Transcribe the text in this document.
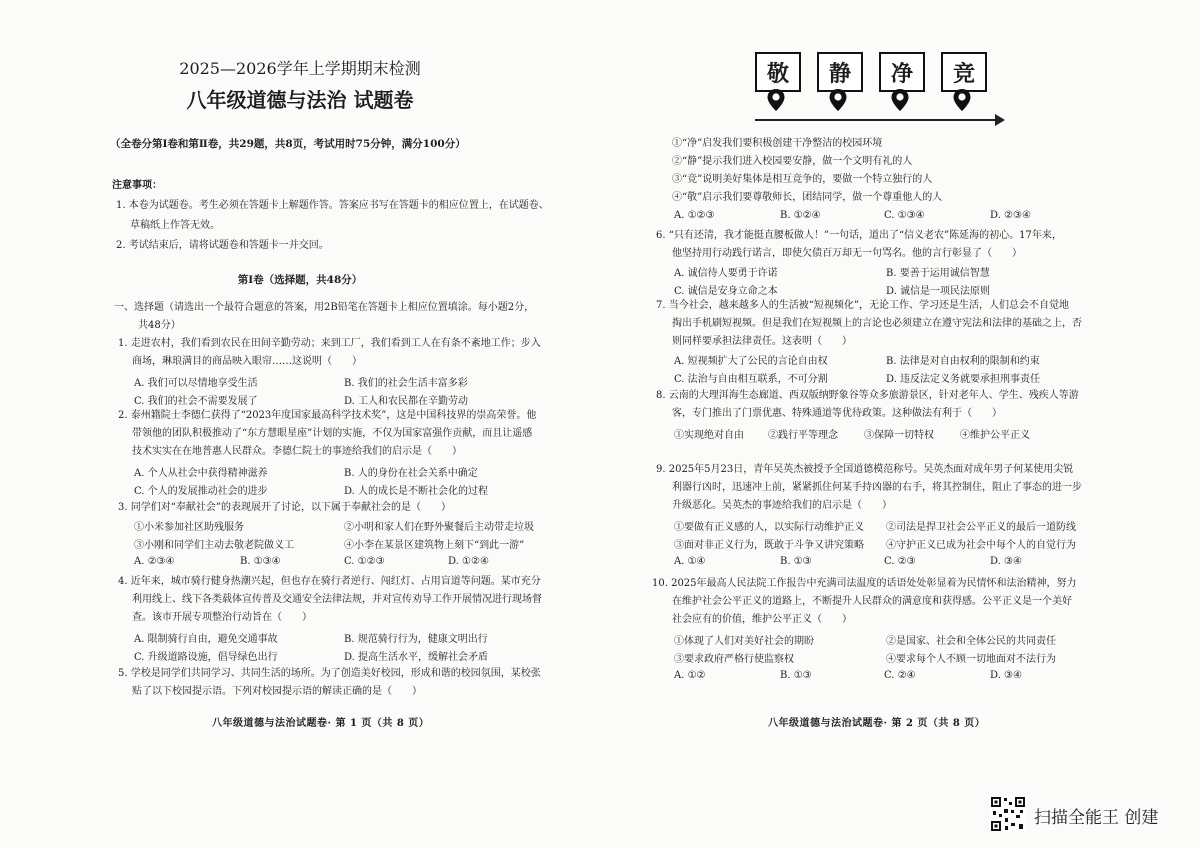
2025—2026学年上学期期末检测
八年级道德与法治 试题卷
（全卷分第Ⅰ卷和第Ⅱ卷，共29题，共8页，考试用时75分钟，满分100分）
注意事项：
1. 本卷为试题卷。考生必须在答题卡上解题作答。答案应书写在答题卡的相应位置上，在试题卷、
草稿纸上作答无效。
2. 考试结束后，请将试题卷和答题卡一并交回。
第Ⅰ卷（选择题，共48分）
一、选择题（请选出一个最符合题意的答案，用2B铅笔在答题卡上相应位置填涂。每小题2分，
共48分）
1. 走进农村，我们看到农民在田间辛勤劳动；来到工厂，我们看到工人在有条不紊地工作；步入
商场，琳琅满目的商品映入眼帘……这说明（　　）
A. 我们可以尽情地享受生活	B. 我们的社会生活丰富多彩
C. 我们的社会不需要发展了	D. 工人和农民都在辛勤劳动
2. 泰州籍院士李德仁获得了“2023年度国家最高科学技术奖”，这是中国科技界的崇高荣誉。他
带领他的团队积极推动了“东方慧眼星座”计划的实施，不仅为国家富强作贡献，而且让遥感
技术实实在在地普惠人民群众。李德仁院士的事迹给我们的启示是（　　）
A. 个人从社会中获得精神滋养	B. 人的身份在社会关系中确定
C. 个人的发展推动社会的进步	D. 人的成长是不断社会化的过程
3. 同学们对“奉献社会”的表现展开了讨论，以下属于奉献社会的是（　　）
①小米参加社区助残服务	②小明和家人们在野外聚餐后主动带走垃圾
③小刚和同学们主动去敬老院做义工	④小李在某景区建筑物上刻下“到此一游”
A. ②③④	B. ①③④	C. ①②③	D. ①②④
4. 近年来，城市骑行健身热潮兴起，但也存在骑行者逆行、闯红灯、占用盲道等问题。某市充分
利用线上、线下各类载体宣传普及交通安全法律法规，并对宣传劝导工作开展情况进行现场督
查。该市开展专项整治行动旨在（　　）
A. 限制骑行自由，避免交通事故	B. 规范骑行行为，健康文明出行
C. 升级道路设施，倡导绿色出行	D. 提高生活水平，缓解社会矛盾
5. 学校是同学们共同学习、共同生活的场所。为了创造美好校园，形成和谐的校园氛围，某校张
贴了以下校园提示语。下列对校园提示语的解读正确的是（　　）
八年级道德与法治试题卷· 第 1 页（共 8 页）
敬	静	净	竞
①“净”启发我们要积极创建干净整洁的校园环境
②“静”提示我们进入校园要安静，做一个文明有礼的人
③“竞”说明美好集体是相互竞争的，要做一个特立独行的人
④“敬”启示我们要尊敬师长，团结同学，做一个尊重他人的人
A. ①②③	B. ①②④	C. ①③④	D. ②③④
6. “只有还清，我才能挺直腰板做人！”一句话，道出了“信义老农”陈延海的初心。17年来，
他坚持用行动践行诺言，即使欠债百万却无一句骂名。他的言行彰显了（　　）
A. 诚信待人要勇于许诺	B. 要善于运用诚信智慧
C. 诚信是安身立命之本	D. 诚信是一项民法原则
7. 当今社会，越来越多人的生活被“短视频化”，无论工作、学习还是生活，人们总会不自觉地
掏出手机刷短视频。但是我们在短视频上的言论也必须建立在遵守宪法和法律的基础之上，否
则同样要承担法律责任。这表明（　　）
A. 短视频扩大了公民的言论自由权	B. 法律是对自由权利的限制和约束
C. 法治与自由相互联系，不可分割	D. 违反法定义务就要承担刑事责任
8. 云南的大理洱海生态廊道、西双版纳野象谷等众多旅游景区，针对老年人、学生、残疾人等游
客，专门推出了门票优惠、特殊通道等优待政策。这种做法有利于（　　）
①实现绝对自由 ②践行平等理念	③保障一切特权	④维护公平正义
9. 2025年5月23日，青年吴英杰被授予全国道德模范称号。吴英杰面对成年男子何某使用尖锐
利器行凶时，迅速冲上前，紧紧抓住何某手持凶器的右手，将其控制住，阻止了事态的进一步
升级恶化。吴英杰的事迹给我们的启示是（　　）
①要做有正义感的人，以实际行动维护正义 ②司法是捍卫社会公平正义的最后一道防线
③面对非正义行为，既敢于斗争又讲究策略 ④守护正义已成为社会中每个人的自觉行为
A. ①④	B. ①③	C. ②③	D. ③④
10. 2025年最高人民法院工作报告中充满司法温度的话语处处彰显着为民情怀和法治精神，努力
在维护社会公平正义的道路上，不断提升人民群众的满意度和获得感。公平正义是一个美好
社会应有的价值，维护公平正义（　　）
①体现了人们对美好社会的期盼	②是国家、社会和全体公民的共同责任
③要求政府严格行使监察权	④要求每个人不顾一切地面对不法行为
A. ①②	B. ①③	C. ②④	D. ③④
八年级道德与法治试题卷· 第 2 页（共 8 页）
扫描全能王 创建
